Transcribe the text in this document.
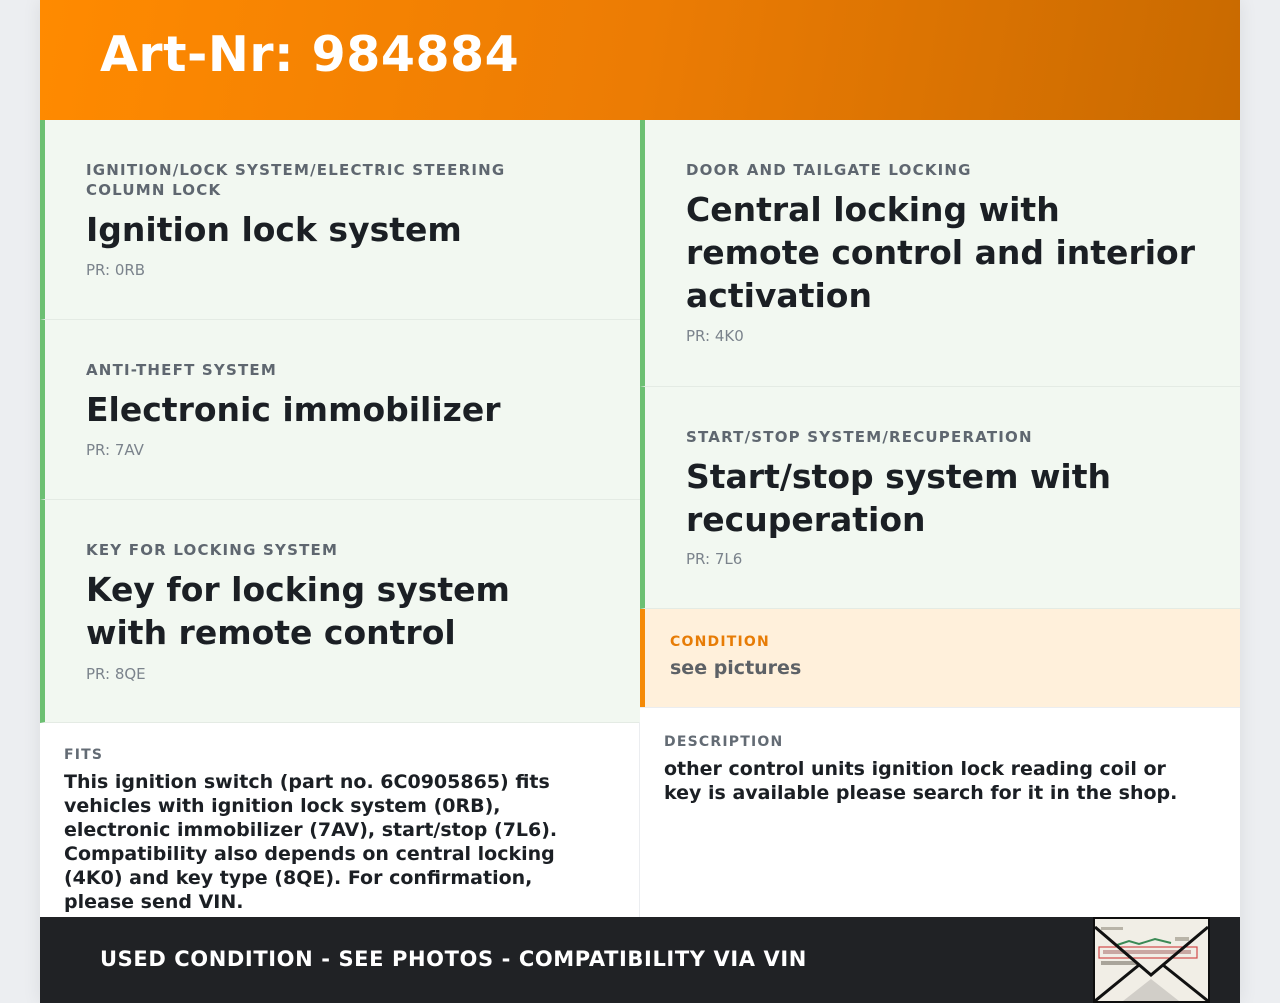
Art-Nr: 984884
IGNITION/LOCK SYSTEM/ELECTRIC STEERING COLUMN LOCK
Ignition lock system
PR: 0RB
ANTI-THEFT SYSTEM
Electronic immobilizer
PR: 7AV
KEY FOR LOCKING SYSTEM
Key for locking system with remote control
PR: 8QE
FITS
This ignition switch (part no. 6C0905865) fits vehicles with ignition lock system (0RB), electronic immobilizer (7AV), start/stop (7L6). Compatibility also depends on central locking (4K0) and key type (8QE). For confirmation, please send VIN.
DOOR AND TAILGATE LOCKING
Central locking with remote control and interior activation
PR: 4K0
START/STOP SYSTEM/RECUPERATION
Start/stop system with recuperation
PR: 7L6
CONDITION
see pictures
DESCRIPTION
other control units ignition lock reading coil or key is available please search for it in the shop.
USED CONDITION - SEE PHOTOS - COMPATIBILITY VIA VIN
